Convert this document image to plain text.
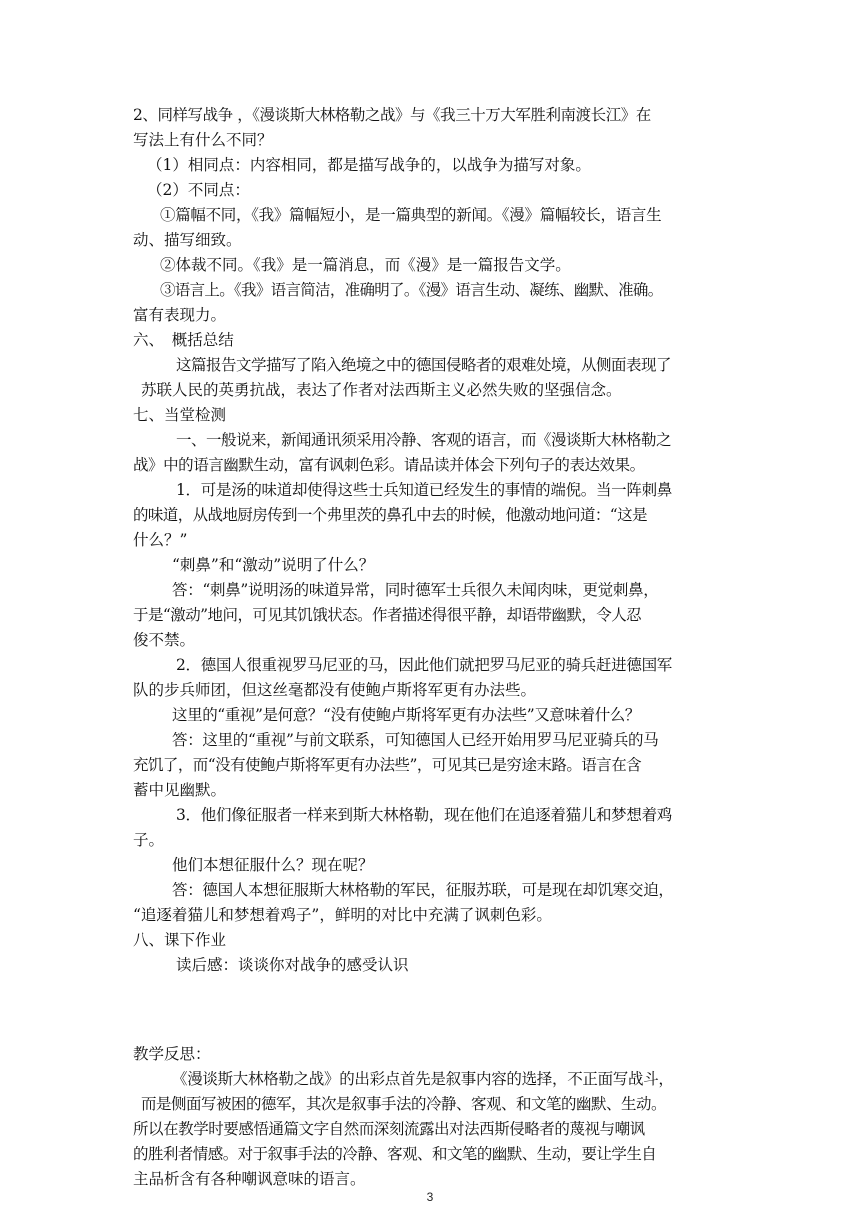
2、同样写战争 ，《漫谈斯大林格勒之战》与《我三十万大军胜利南渡长江》在
写法上有什么不同？
（1）相同点：内容相同，都是描写战争的，以战争为描写对象。
（2）不同点：
①篇幅不同，《我》篇幅短小，是一篇典型的新闻。《漫》篇幅较长，语言生
动、描写细致。
②体裁不同。《我》是一篇消息，而《漫》是一篇报告文学。
③语言上。《我》语言简洁，准确明了。《漫》语言生动、凝练、幽默、准确。
富有表现力。
六、　概括总结
这篇报告文学描写了陷入绝境之中的德国侵略者的艰难处境，从侧面表现了
苏联人民的英勇抗战，表达了作者对法西斯主义必然失败的坚强信念。
七、当堂检测
一、一般说来，新闻通讯须采用冷静、客观的语言，而《漫谈斯大林格勒之
战》中的语言幽默生动，富有讽刺色彩。请品读并体会下列句子的表达效果。
1．可是汤的味道却使得这些士兵知道已经发生的事情的端倪。当一阵刺鼻
的味道，从战地厨房传到一个弗里茨的鼻孔中去的时候，他激动地问道：“这是
什么？”
“刺鼻”和“激动”说明了什么？
答：“刺鼻”说明汤的味道异常，同时德军士兵很久未闻肉味，更觉刺鼻，
于是“激动”地问，可见其饥饿状态。作者描述得很平静，却语带幽默，令人忍
俊不禁。
2．德国人很重视罗马尼亚的马，因此他们就把罗马尼亚的骑兵赶进德国军
队的步兵师团，但这丝毫都没有使鲍卢斯将军更有办法些。
这里的“重视”是何意？“没有使鲍卢斯将军更有办法些”又意味着什么？
答：这里的“重视”与前文联系，可知德国人已经开始用罗马尼亚骑兵的马
充饥了，而“没有使鲍卢斯将军更有办法些”，可见其已是穷途末路。语言在含
蓄中见幽默。
3．他们像征服者一样来到斯大林格勒，现在他们在追逐着猫儿和梦想着鸡
子。
他们本想征服什么？现在呢？
答：德国人本想征服斯大林格勒的军民，征服苏联，可是现在却饥寒交迫，
“追逐着猫儿和梦想着鸡子”，鲜明的对比中充满了讽刺色彩。
八、课下作业
读后感：谈谈你对战争的感受认识
教学反思：
《漫谈斯大林格勒之战》的出彩点首先是叙事内容的选择，不正面写战斗，
而是侧面写被困的德军，其次是叙事手法的冷静、客观、和文笔的幽默、生动。
所以在教学时要感悟通篇文字自然而深刻流露出对法西斯侵略者的蔑视与嘲讽
的胜利者情感。对于叙事手法的冷静、客观、和文笔的幽默、生动，要让学生自
主品析含有各种嘲讽意味的语言。
3
